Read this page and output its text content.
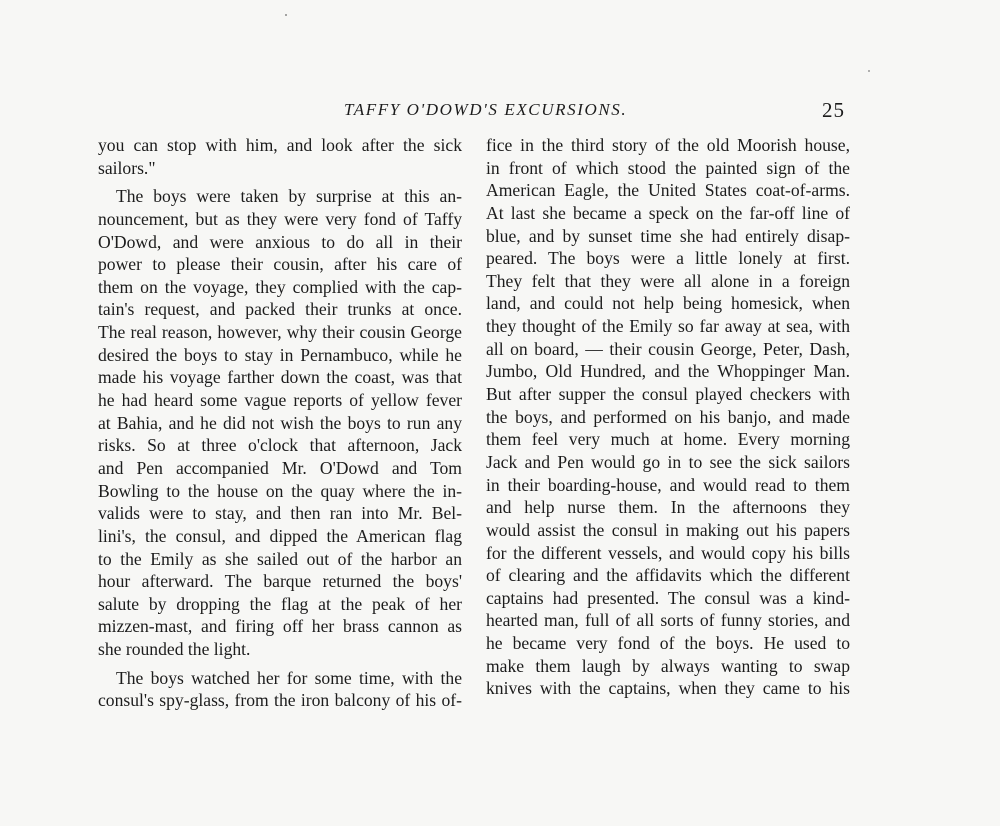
TAFFY O'DOWD'S EXCURSIONS.	25
you can stop with him, and look after the sick
sailors."
The boys were taken by surprise at this an-
nouncement, but as they were very fond of Taffy
O'Dowd, and were anxious to do all in their
power to please their cousin, after his care of
them on the voyage, they complied with the cap-
tain's request, and packed their trunks at once.
The real reason, however, why their cousin George
desired the boys to stay in Pernambuco, while he
made his voyage farther down the coast, was that
he had heard some vague reports of yellow fever
at Bahia, and he did not wish the boys to run any
risks. So at three o'clock that afternoon, Jack
and Pen accompanied Mr. O'Dowd and Tom
Bowling to the house on the quay where the in-
valids were to stay, and then ran into Mr. Bel-
lini's, the consul, and dipped the American flag
to the Emily as she sailed out of the harbor an
hour afterward. The barque returned the boys'
salute by dropping the flag at the peak of her
mizzen-mast, and firing off her brass cannon as
she rounded the light.
The boys watched her for some time, with the
consul's spy-glass, from the iron balcony of his of-
fice in the third story of the old Moorish house,
in front of which stood the painted sign of the
American Eagle, the United States coat-of-arms.
At last she became a speck on the far-off line of
blue, and by sunset time she had entirely disap-
peared. The boys were a little lonely at first.
They felt that they were all alone in a foreign
land, and could not help being homesick, when
they thought of the Emily so far away at sea, with
all on board, — their cousin George, Peter, Dash,
Jumbo, Old Hundred, and the Whoppinger Man.
But after supper the consul played checkers with
the boys, and performed on his banjo, and made
them feel very much at home. Every morning
Jack and Pen would go in to see the sick sailors
in their boarding-house, and would read to them
and help nurse them. In the afternoons they
would assist the consul in making out his papers
for the different vessels, and would copy his bills
of clearing and the affidavits which the different
captains had presented. The consul was a kind-
hearted man, full of all sorts of funny stories, and
he became very fond of the boys. He used to
make them laugh by always wanting to swap
knives with the captains, when they came to his
